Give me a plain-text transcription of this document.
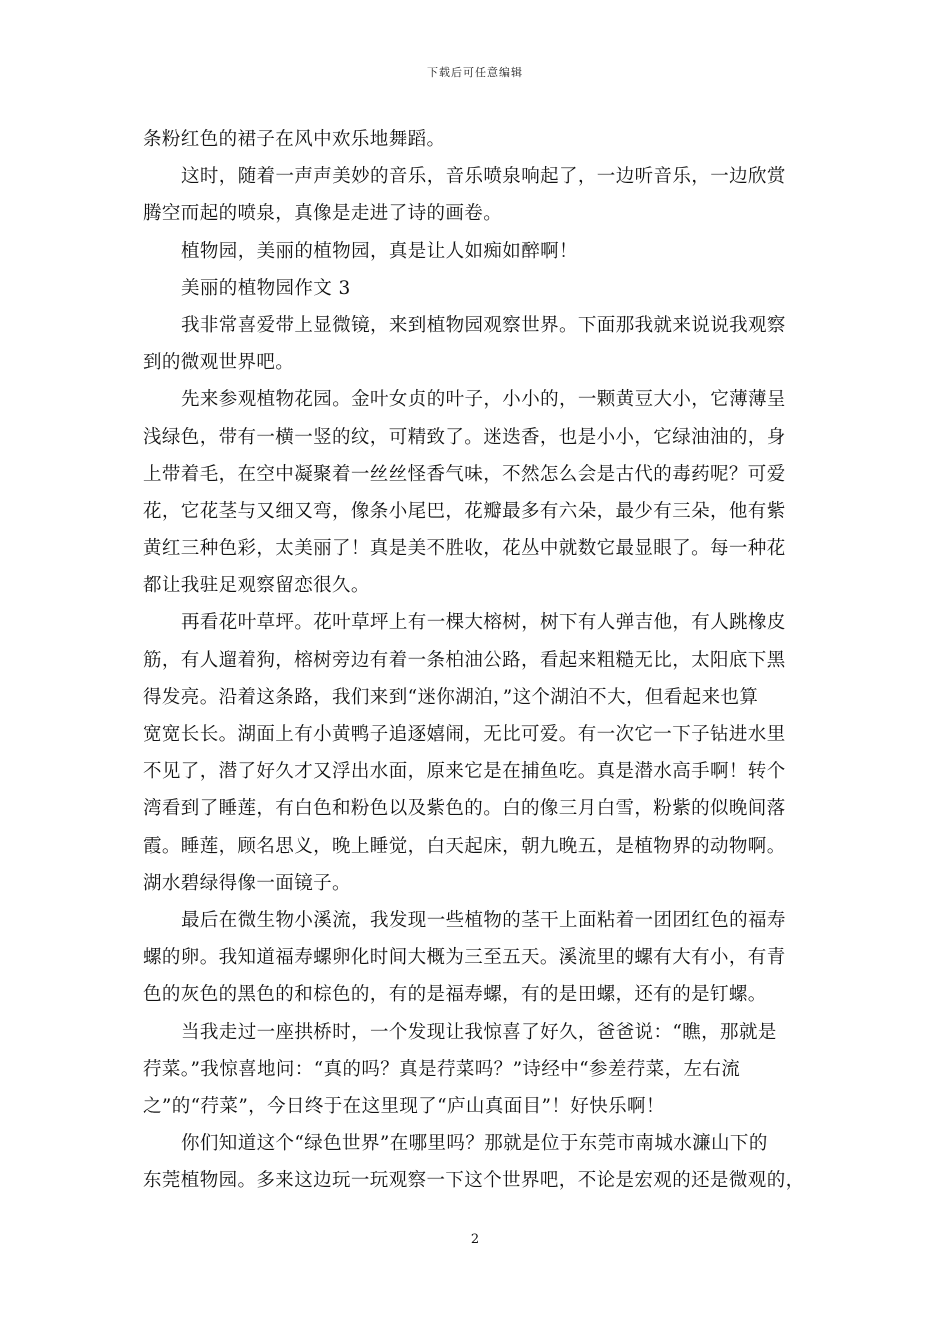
下载后可任意编辑
条粉红色的裙子在风中欢乐地舞蹈。
这时，随着一声声美妙的音乐，音乐喷泉响起了，一边听音乐，一边欣赏
腾空而起的喷泉，真像是走进了诗的画卷。
植物园，美丽的植物园，真是让人如痴如醉啊！
美丽的植物园作文 3
我非常喜爱带上显微镜，来到植物园观察世界。下面那我就来说说我观察
到的微观世界吧。
先来参观植物花园。金叶女贞的叶子，小小的，一颗黄豆大小，它薄薄呈
浅绿色，带有一横一竖的纹，可精致了。迷迭香，也是小小，它绿油油的，身
上带着毛，在空中凝聚着一丝丝怪香气味，不然怎么会是古代的毒药呢？可爱
花，它花茎与又细又弯，像条小尾巴，花瓣最多有六朵，最少有三朵，他有紫
黄红三种色彩，太美丽了！真是美不胜收，花丛中就数它最显眼了。每一种花
都让我驻足观察留恋很久。
再看花叶草坪。花叶草坪上有一棵大榕树，树下有人弹吉他，有人跳橡皮
筋，有人遛着狗，榕树旁边有着一条柏油公路，看起来粗糙无比，太阳底下黑
得发亮。沿着这条路，我们来到“迷你湖泊，”这个湖泊不大，但看起来也算
宽宽长长。湖面上有小黄鸭子追逐嬉闹，无比可爱。有一次它一下子钻进水里
不见了，潜了好久才又浮出水面，原来它是在捕鱼吃。真是潜水高手啊！转个
湾看到了睡莲，有白色和粉色以及紫色的。白的像三月白雪，粉紫的似晚间落
霞。睡莲，顾名思义，晚上睡觉，白天起床，朝九晚五，是植物界的动物啊。
湖水碧绿得像一面镜子。
最后在微生物小溪流，我发现一些植物的茎干上面粘着一团团红色的福寿
螺的卵。我知道福寿螺卵化时间大概为三至五天。溪流里的螺有大有小，有青
色的灰色的黑色的和棕色的，有的是福寿螺，有的是田螺，还有的是钉螺。
当我走过一座拱桥时，一个发现让我惊喜了好久，爸爸说：“瞧，那就是
荇菜。”我惊喜地问：“真的吗？真是荇菜吗？”诗经中“参差荇菜，左右流
之”的“荇菜”，今日终于在这里现了“庐山真面目”！好快乐啊！
你们知道这个“绿色世界”在哪里吗？那就是位于东莞市南城水濂山下的
东莞植物园。多来这边玩一玩观察一下这个世界吧，不论是宏观的还是微观的，
2
